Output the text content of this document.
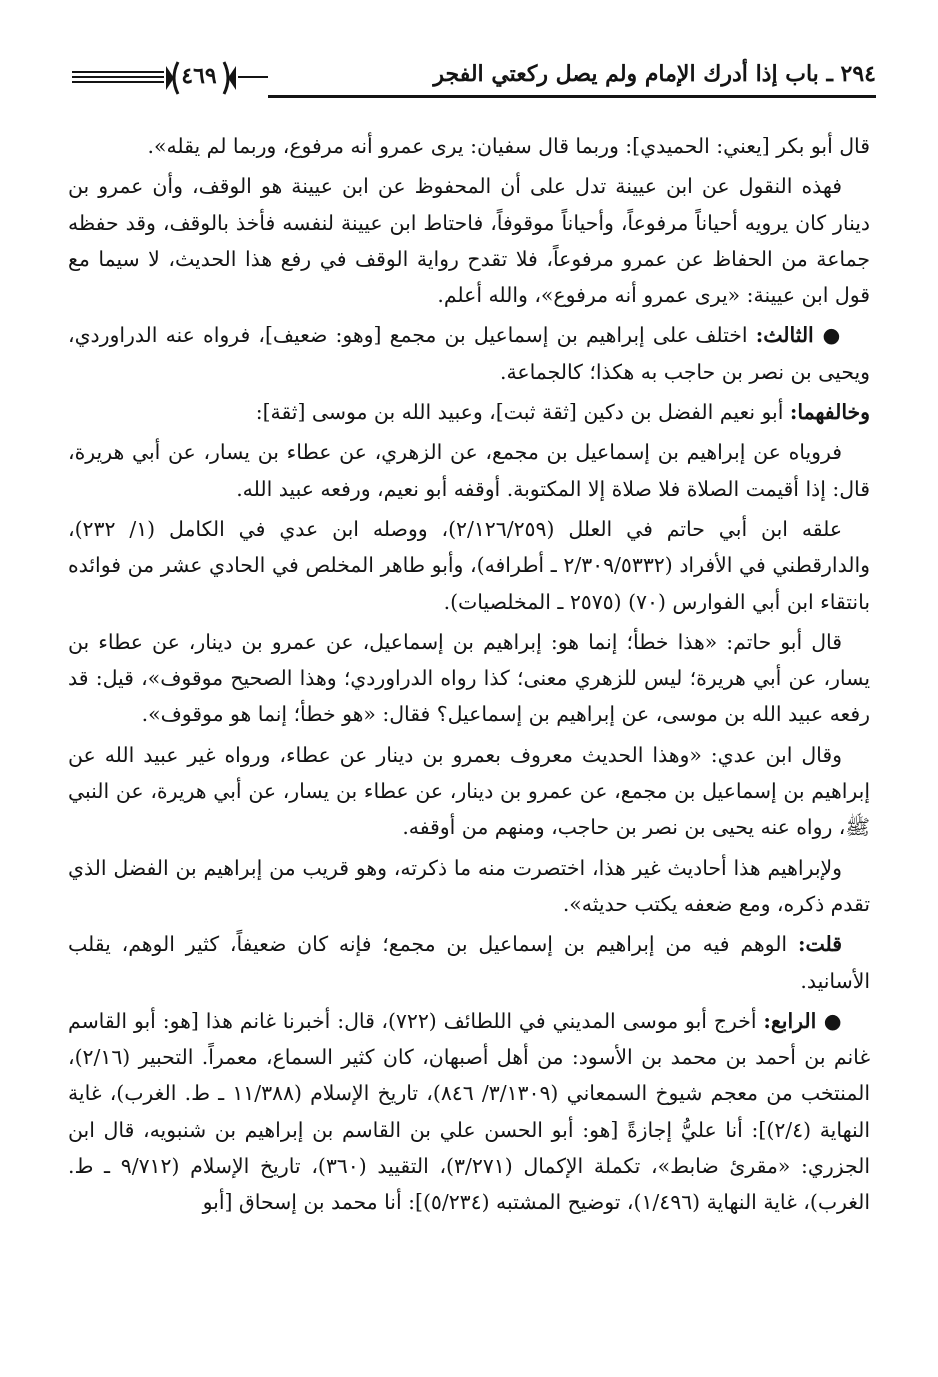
٢٩٤ ـ باب إذا أدرك الإمام ولم يصل ركعتي الفجر
٤٦٩

قال أبو بكر [يعني: الحميدي]: وربما قال سفيان: يرى عمرو أنه مرفوع، وربما لم يقله».

فهذه النقول عن ابن عيينة تدل على أن المحفوظ عن ابن عيينة هو الوقف، وأن عمرو بن دينار كان يرويه أحياناً مرفوعاً، وأحياناً موقوفاً، فاحتاط ابن عيينة لنفسه فأخذ بالوقف، وقد حفظه جماعة من الحفاظ عن عمرو مرفوعاً، فلا تقدح رواية الوقف في رفع هذا الحديث، لا سيما مع قول ابن عيينة: «يرى عمرو أنه مرفوع»، والله أعلم.

● الثالث: اختلف على إبراهيم بن إسماعيل بن مجمع [وهو: ضعيف]، فرواه عنه الدراوردي، ويحيى بن نصر بن حاجب به هكذا؛ كالجماعة.

وخالفهما: أبو نعيم الفضل بن دكين [ثقة ثبت]، وعبيد الله بن موسى [ثقة]:

فروياه عن إبراهيم بن إسماعيل بن مجمع، عن الزهري، عن عطاء بن يسار، عن أبي هريرة، قال: إذا أقيمت الصلاة فلا صلاة إلا المكتوبة. أوقفه أبو نعيم، ورفعه عبيد الله.

علقه ابن أبي حاتم في العلل (٢/١٢٦/٢٥٩)، ووصله ابن عدي في الكامل (١/ ٢٣٢)، والدارقطني في الأفراد (٢/٣٠٩/٥٣٣٢ ـ أطرافه)، وأبو طاهر المخلص في الحادي عشر من فوائده بانتقاء ابن أبي الفوارس (٧٠) (٢٥٧٥ ـ المخلصيات).

قال أبو حاتم: «هذا خطأ؛ إنما هو: إبراهيم بن إسماعيل، عن عمرو بن دينار، عن عطاء بن يسار، عن أبي هريرة؛ ليس للزهري معنى؛ كذا رواه الدراوردي؛ وهذا الصحيح موقوف»، قيل: قد رفعه عبيد الله بن موسى، عن إبراهيم بن إسماعيل؟ فقال: «هو خطأ؛ إنما هو موقوف».

وقال ابن عدي: «وهذا الحديث معروف بعمرو بن دينار عن عطاء، ورواه غير عبيد الله عن إبراهيم بن إسماعيل بن مجمع، عن عمرو بن دينار، عن عطاء بن يسار، عن أبي هريرة، عن النبي ﷺ، رواه عنه يحيى بن نصر بن حاجب، ومنهم من أوقفه.

ولإبراهيم هذا أحاديث غير هذا، اختصرت منه ما ذكرته، وهو قريب من إبراهيم بن الفضل الذي تقدم ذكره، ومع ضعفه يكتب حديثه».

قلت: الوهم فيه من إبراهيم بن إسماعيل بن مجمع؛ فإنه كان ضعيفاً، كثير الوهم، يقلب الأسانيد.

● الرابع: أخرج أبو موسى المديني في اللطائف (٧٢٢)، قال: أخبرنا غانم هذا [هو: أبو القاسم غانم بن أحمد بن محمد بن الأسود: من أهل أصبهان، كان كثير السماع، معمراً. التحبير (٢/١٦)، المنتخب من معجم شيوخ السمعاني (٣/١٣٠٩/ ٨٤٦)، تاريخ الإسلام (١١/٣٨٨ ـ ط. الغرب)، غاية النهاية (٢/٤)]: أنا عليُّ إجازةً [هو: أبو الحسن علي بن القاسم بن إبراهيم بن شنبويه، قال ابن الجزري: «مقرئ ضابط»، تكملة الإكمال (٣/٢٧١)، التقييد (٣٦٠)، تاريخ الإسلام (٩/٧١٢ ـ ط. الغرب)، غاية النهاية (١/٤٩٦)، توضيح المشتبه (٥/٢٣٤)]: أنا محمد بن إسحاق [أبو
